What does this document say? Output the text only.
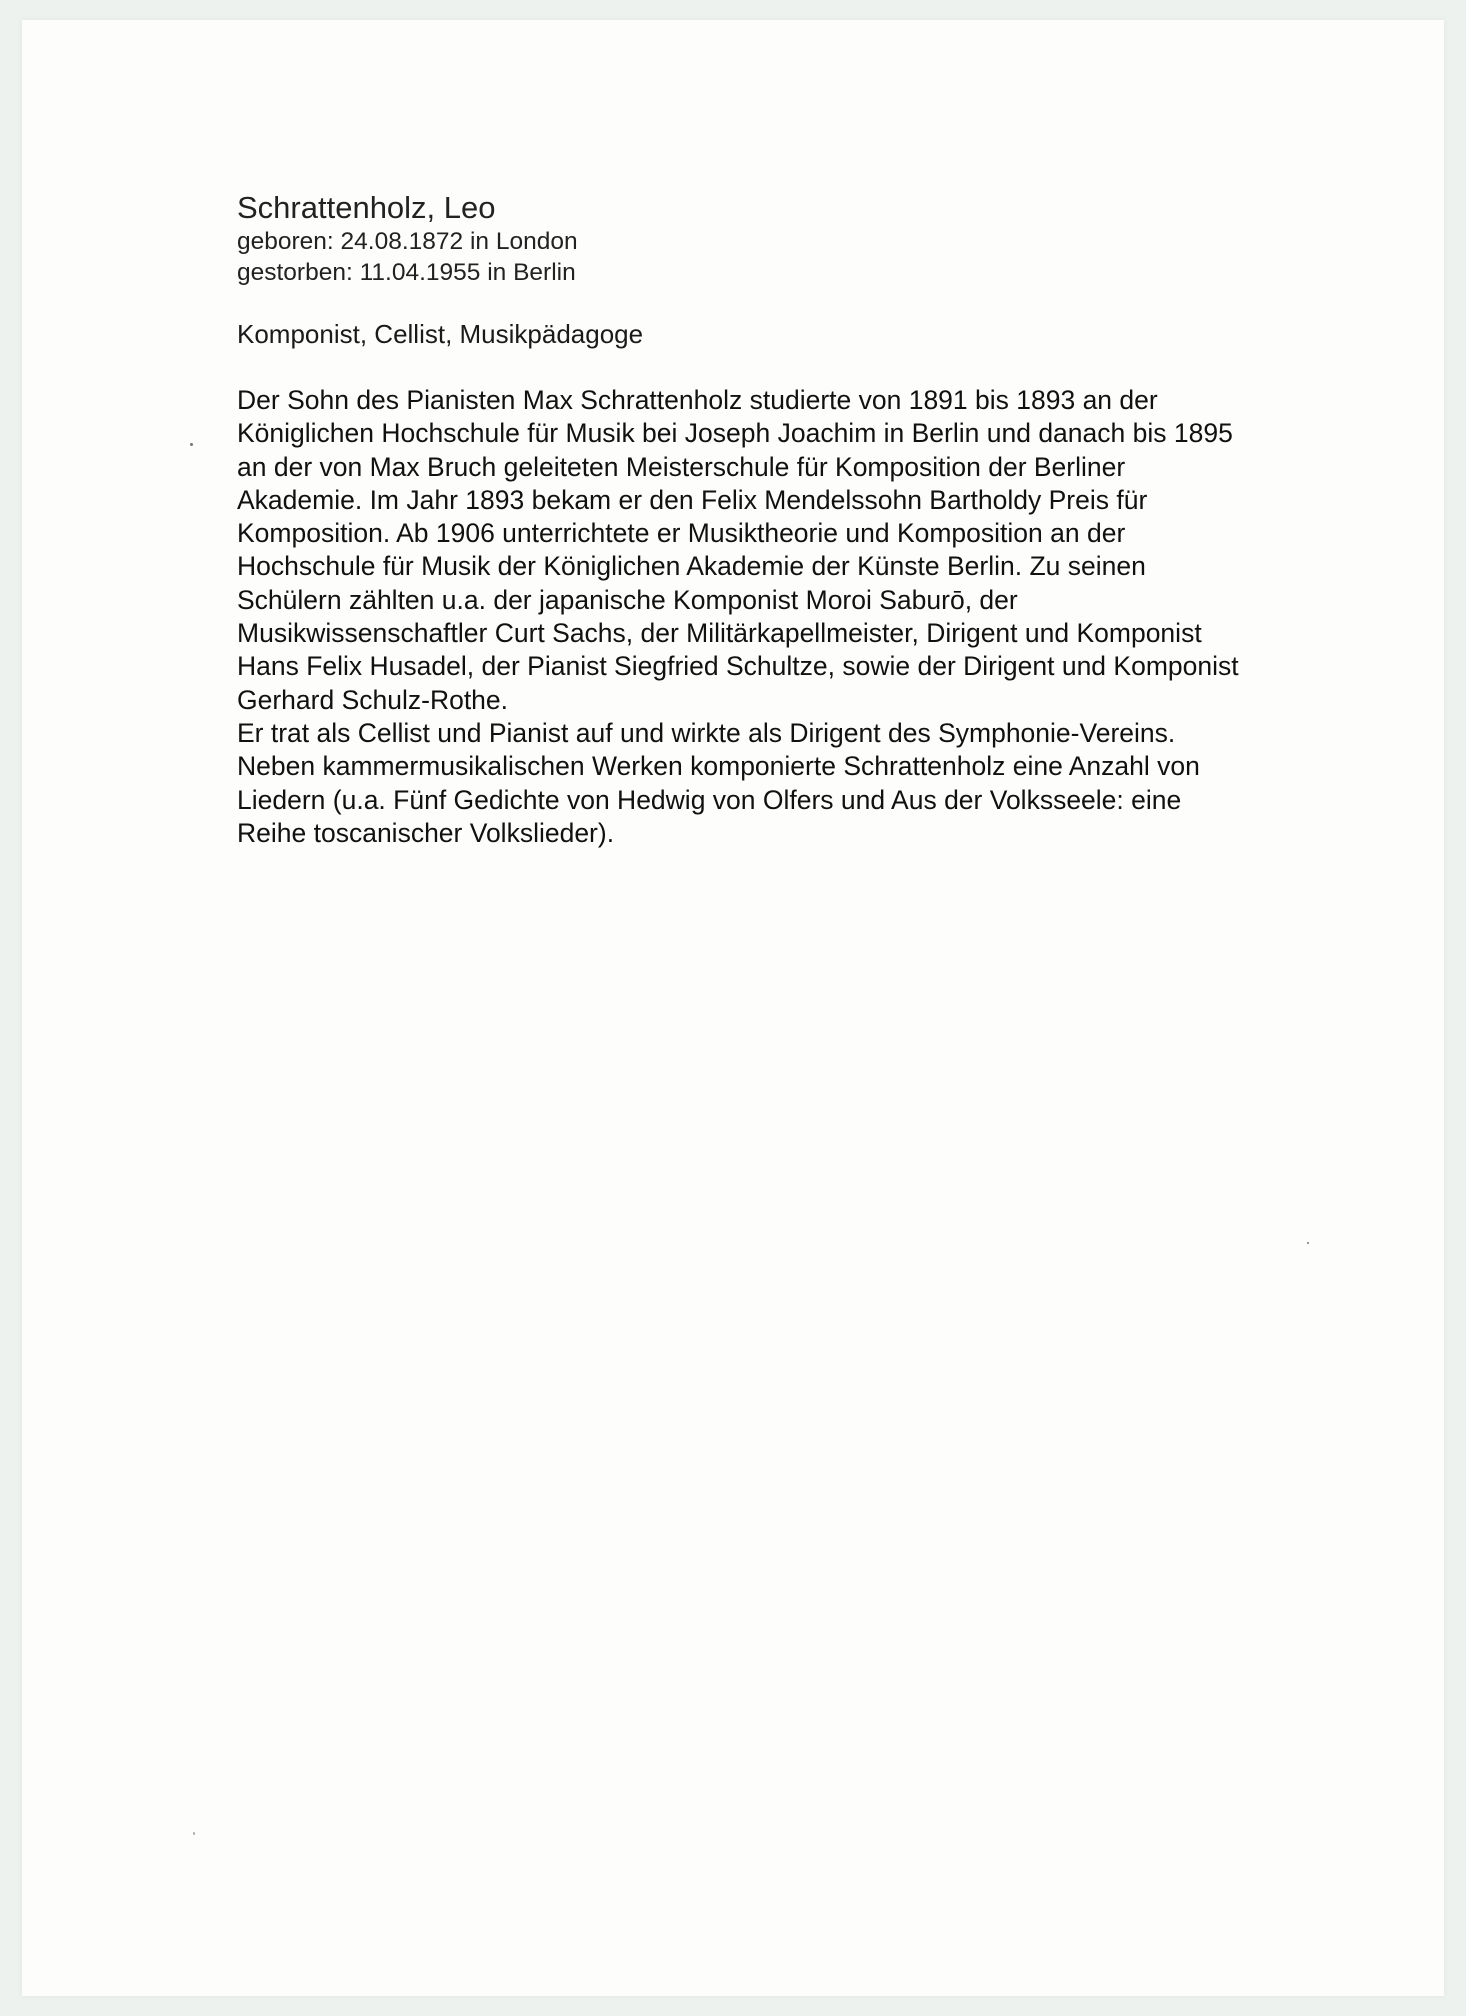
Schrattenholz, Leo

geboren: 24.08.1872 in London

gestorben: 11.04.1955 in Berlin

Komponist, Cellist, Musikpädagoge

Der Sohn des Pianisten Max Schrattenholz studierte von 1891 bis 1893 an der
Königlichen Hochschule für Musik bei Joseph Joachim in Berlin und danach bis 1895
an der von Max Bruch geleiteten Meisterschule für Komposition der Berliner
Akademie. Im Jahr 1893 bekam er den Felix Mendelssohn Bartholdy Preis für
Komposition. Ab 1906 unterrichtete er Musiktheorie und Komposition an der
Hochschule für Musik der Königlichen Akademie der Künste Berlin. Zu seinen
Schülern zählten u.a. der japanische Komponist Moroi Saburō, der
Musikwissenschaftler Curt Sachs, der Militärkapellmeister, Dirigent und Komponist
Hans Felix Husadel, der Pianist Siegfried Schultze, sowie der Dirigent und Komponist
Gerhard Schulz-Rothe.
Er trat als Cellist und Pianist auf und wirkte als Dirigent des Symphonie-Vereins.
Neben kammermusikalischen Werken komponierte Schrattenholz eine Anzahl von
Liedern (u.a. Fünf Gedichte von Hedwig von Olfers und Aus der Volksseele: eine
Reihe toscanischer Volkslieder).
